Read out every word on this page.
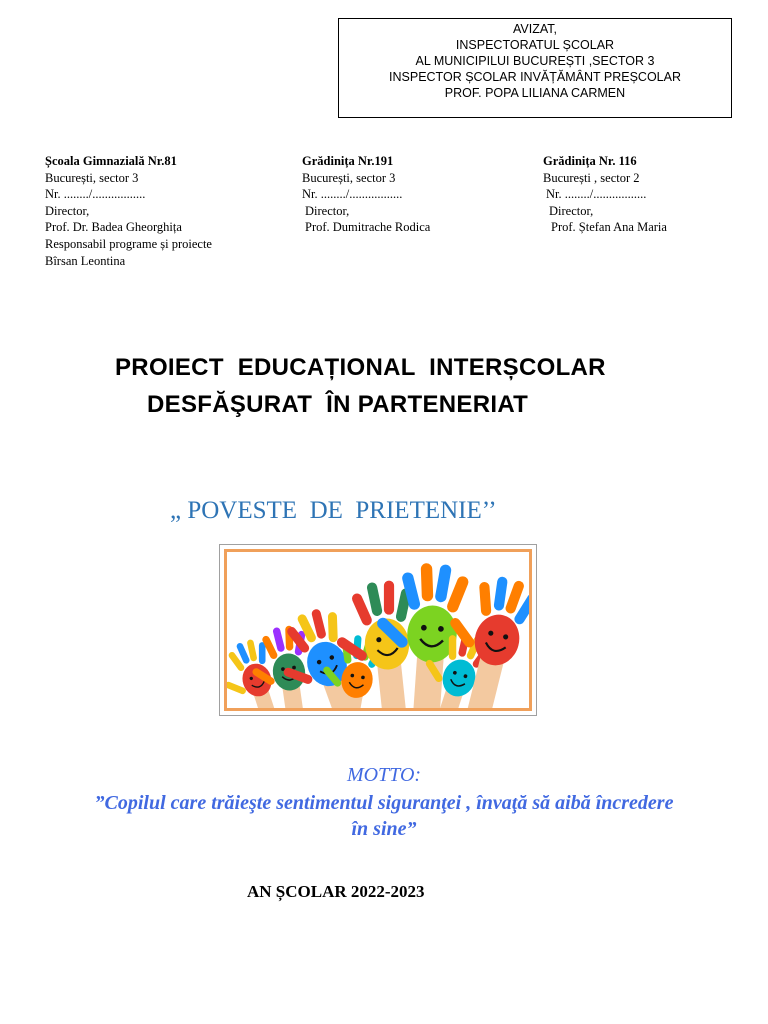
AVIZAT,
INSPECTORATUL ȘCOLAR
AL MUNICIPILUI BUCUREȘTI ,SECTOR 3
INSPECTOR ȘCOLAR INVĂȚĂMÂNT PREȘCOLAR
PROF. POPA LILIANA CARMEN
Școala Gimnazială Nr.81
București, sector 3
Nr. ......../.................
Director,
Prof. Dr. Badea Gheorghița
Responsabil programe și proiecte
Bîrsan Leontina
Grădinița Nr.191
București, sector 3
Nr. ......../.................
Director,
Prof. Dumitrache Rodica
Grădinița Nr. 116
București , sector 2
Nr. ......../.................
Director,
Prof. Ștefan Ana Maria
PROIECT  EDUCAȚIONAL  INTERȘCOLAR
DESFĂŞURAT  ÎN PARTENERIAT
„ POVESTE  DE  PRIETENIE’’
MOTTO:
”Copilul care trăieşte sentimentul siguranţei , învaţă să aibă încredere
în sine”
AN ȘCOLAR 2022-2023
